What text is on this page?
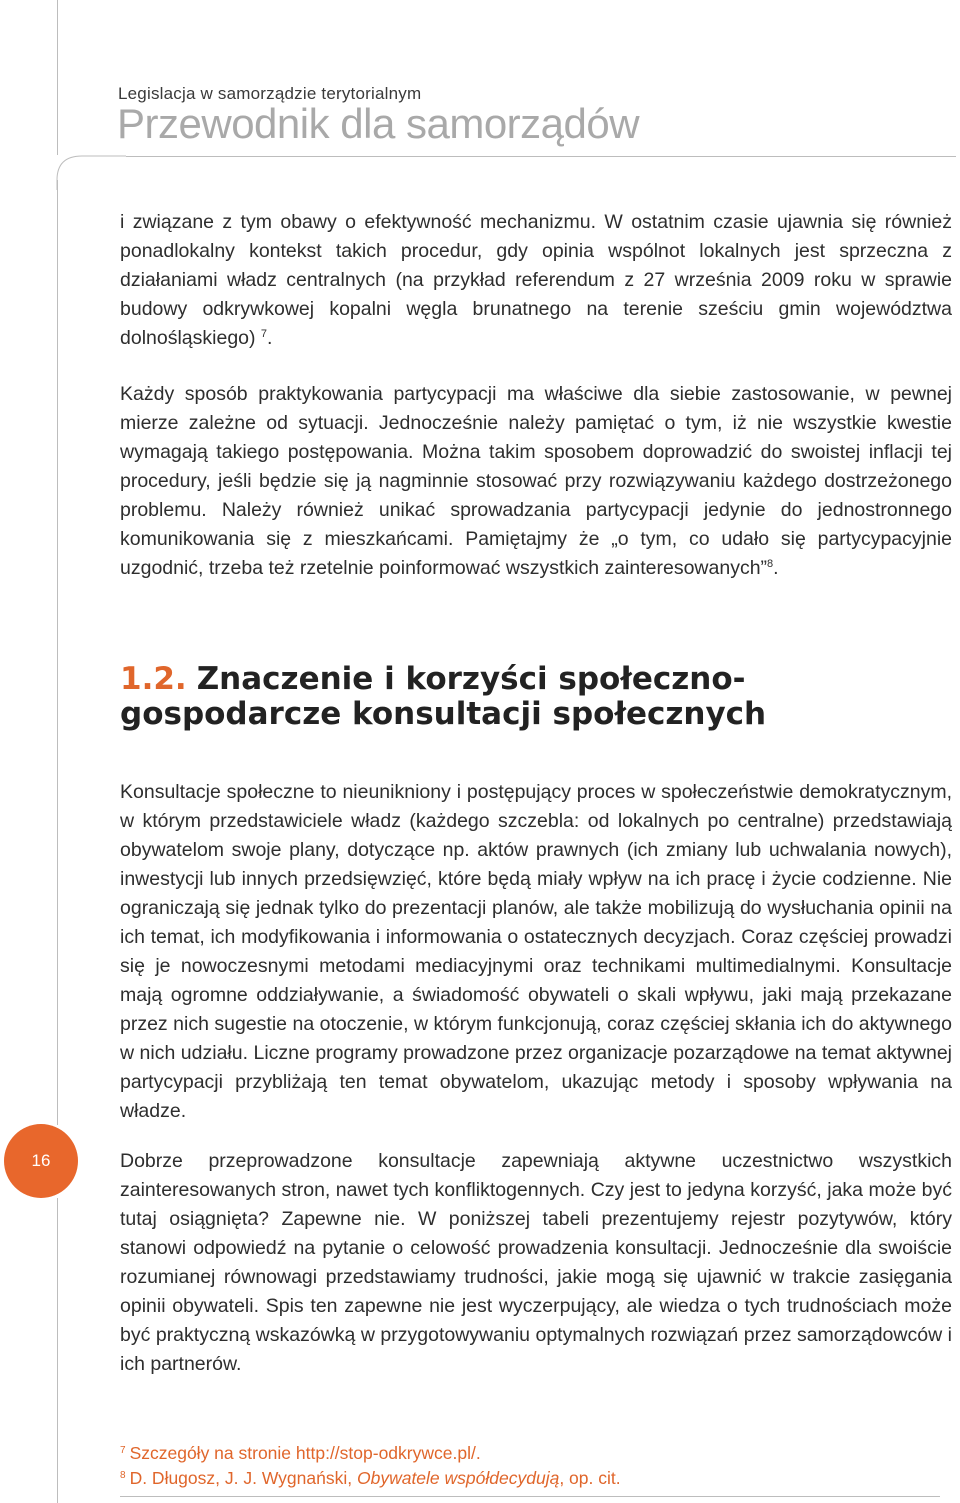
Legislacja w samorządzie terytorialnym

Przewodnik dla samorządów

i związane z tym obawy o efektywność mechanizmu. W ostatnim czasie ujawnia się również ponadlokalny kontekst takich procedur, gdy opinia wspólnot lokalnych jest sprzeczna z działaniami władz centralnych (na przykład referendum z 27 września 2009 roku w sprawie budowy odkrywkowej kopalni węgla brunatnego na terenie sześciu gmin województwa dolnośląskiego) $^7$.

Każdy sposób praktykowania partycypacji ma właściwe dla siebie zastosowanie, w pewnej mierze zależne od sytuacji. Jednocześnie należy pamiętać o tym, iż nie wszystkie kwestie wymagają takiego postępowania. Można takim sposobem doprowadzić do swoistej inflacji tej procedury, jeśli będzie się ją nagminnie stosować przy rozwiązywaniu każdego dostrzeżonego problemu. Należy również unikać sprowadzania partycypacji jedynie do jednostronnego komunikowania się z mieszkańcami. Pamiętajmy że „o tym, co udało się partycypacyjnie uzgodnić, trzeba też rzetelnie poinformować wszystkich zainteresowanych”$^8$.

1.2. Znaczenie i korzyści społeczno-gospodarcze konsultacji społecznych

Konsultacje społeczne to nieunikniony i postępujący proces w społeczeństwie demokratycznym, w którym przedstawiciele władz (każdego szczebla: od lokalnych po centralne) przedstawiają obywatelom swoje plany, dotyczące np. aktów prawnych (ich zmiany lub uchwalania nowych), inwestycji lub innych przedsięwzięć, które będą miały wpływ na ich pracę i życie codzienne. Nie ograniczają się jednak tylko do prezentacji planów, ale także mobilizują do wysłuchania opinii na ich temat, ich modyfikowania i informowania o ostatecznych decyzjach. Coraz częściej prowadzi się je nowoczesnymi metodami mediacyjnymi oraz technikami multimedialnymi. Konsultacje mają ogromne oddziaływanie, a świadomość obywateli o skali wpływu, jaki mają przekazane przez nich sugestie na otoczenie, w którym funkcjonują, coraz częściej skłania ich do aktywnego w nich udziału. Liczne programy prowadzone przez organizacje pozarządowe na temat aktywnej partycypacji przybliżają ten temat obywatelom, ukazując metody i sposoby wpływania na władze.

Dobrze przeprowadzone konsultacje zapewniają aktywne uczestnictwo wszystkich zainteresowanych stron, nawet tych konfliktogennych. Czy jest to jedyna korzyść, jaka może być tutaj osiągnięta? Zapewne nie. W poniższej tabeli prezentujemy rejestr pozytywów, który stanowi odpowiedź na pytanie o celowość prowadzenia konsultacji. Jednocześnie dla swoiście rozumianej równowagi przedstawiamy trudności, jakie mogą się ujawnić w trakcie zasięgania opinii obywateli. Spis ten zapewne nie jest wyczerpujący, ale wiedza o tych trudnościach może być praktyczną wskazówką w przygotowywaniu optymalnych rozwiązań przez samorządowców i ich partnerów.

16

$^7$ Szczegóły na stronie http://stop-odkrywce.pl/.

$^8$ D. Długosz, J. J. Wygnański, Obywatele współdecydują, op. cit.
